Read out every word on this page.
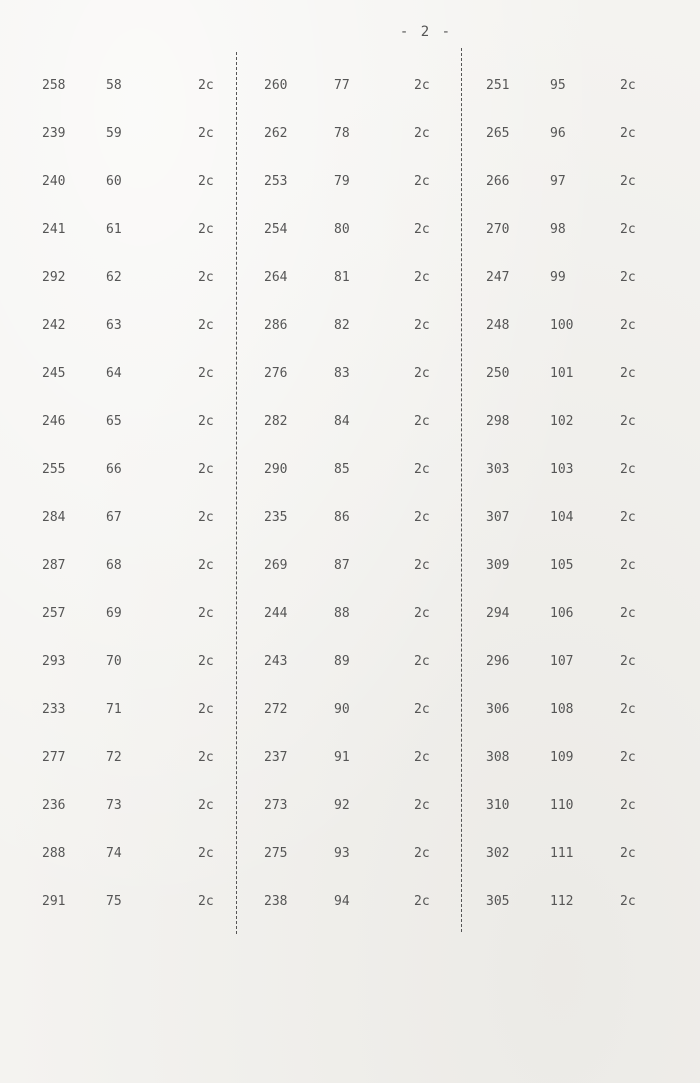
- 2 -
258	58	2c
239	59	2c
240	60	2c
241	61	2c
292	62	2c
242	63	2c
245	64	2c
246	65	2c
255	66	2c
284	67	2c
287	68	2c
257	69	2c
293	70	2c
233	71	2c
277	72	2c
236	73	2c
288	74	2c
291	75	2c
260	77	2c
262	78	2c
253	79	2c
254	80	2c
264	81	2c
286	82	2c
276	83	2c
282	84	2c
290	85	2c
235	86	2c
269	87	2c
244	88	2c
243	89	2c
272	90	2c
237	91	2c
273	92	2c
275	93	2c
238	94	2c
251	95	2c
265	96	2c
266	97	2c
270	98	2c
247	99	2c
248	100	2c
250	101	2c
298	102	2c
303	103	2c
307	104	2c
309	105	2c
294	106	2c
296	107	2c
306	108	2c
308	109	2c
310	110	2c
302	111	2c
305	112	2c
